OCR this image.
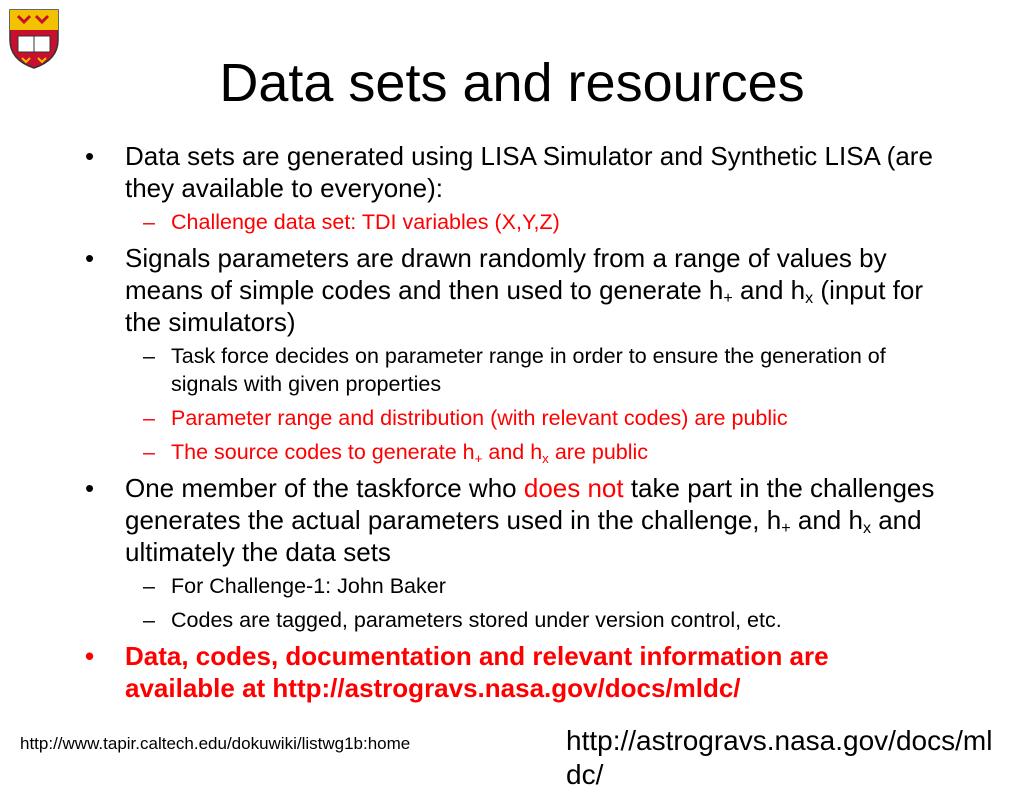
Data sets and resources
• Data sets are generated using LISA Simulator and Synthetic LISA (are they available to everyone):
– Challenge data set: TDI variables (X,Y,Z)
• Signals parameters are drawn randomly from a range of values by means of simple codes and then used to generate $h_+$ and $h_x$ (input for the simulators)
– Task force decides on parameter range in order to ensure the generation of signals with given properties
– Parameter range and distribution (with relevant codes) are public
– The source codes to generate $h_+$ and $h_x$ are public
• One member of the taskforce who does not take part in the challenges generates the actual parameters used in the challenge, $h_+$ and $h_x$ and ultimately the data sets
– For Challenge-1: John Baker
– Codes are tagged, parameters stored under version control, etc.
• Data, codes, documentation and relevant information are available at http://astrogravs.nasa.gov/docs/mldc/
http://www.tapir.caltech.edu/dokuwiki/listwg1b:home	http://astrogravs.nasa.gov/docs/mldc/
